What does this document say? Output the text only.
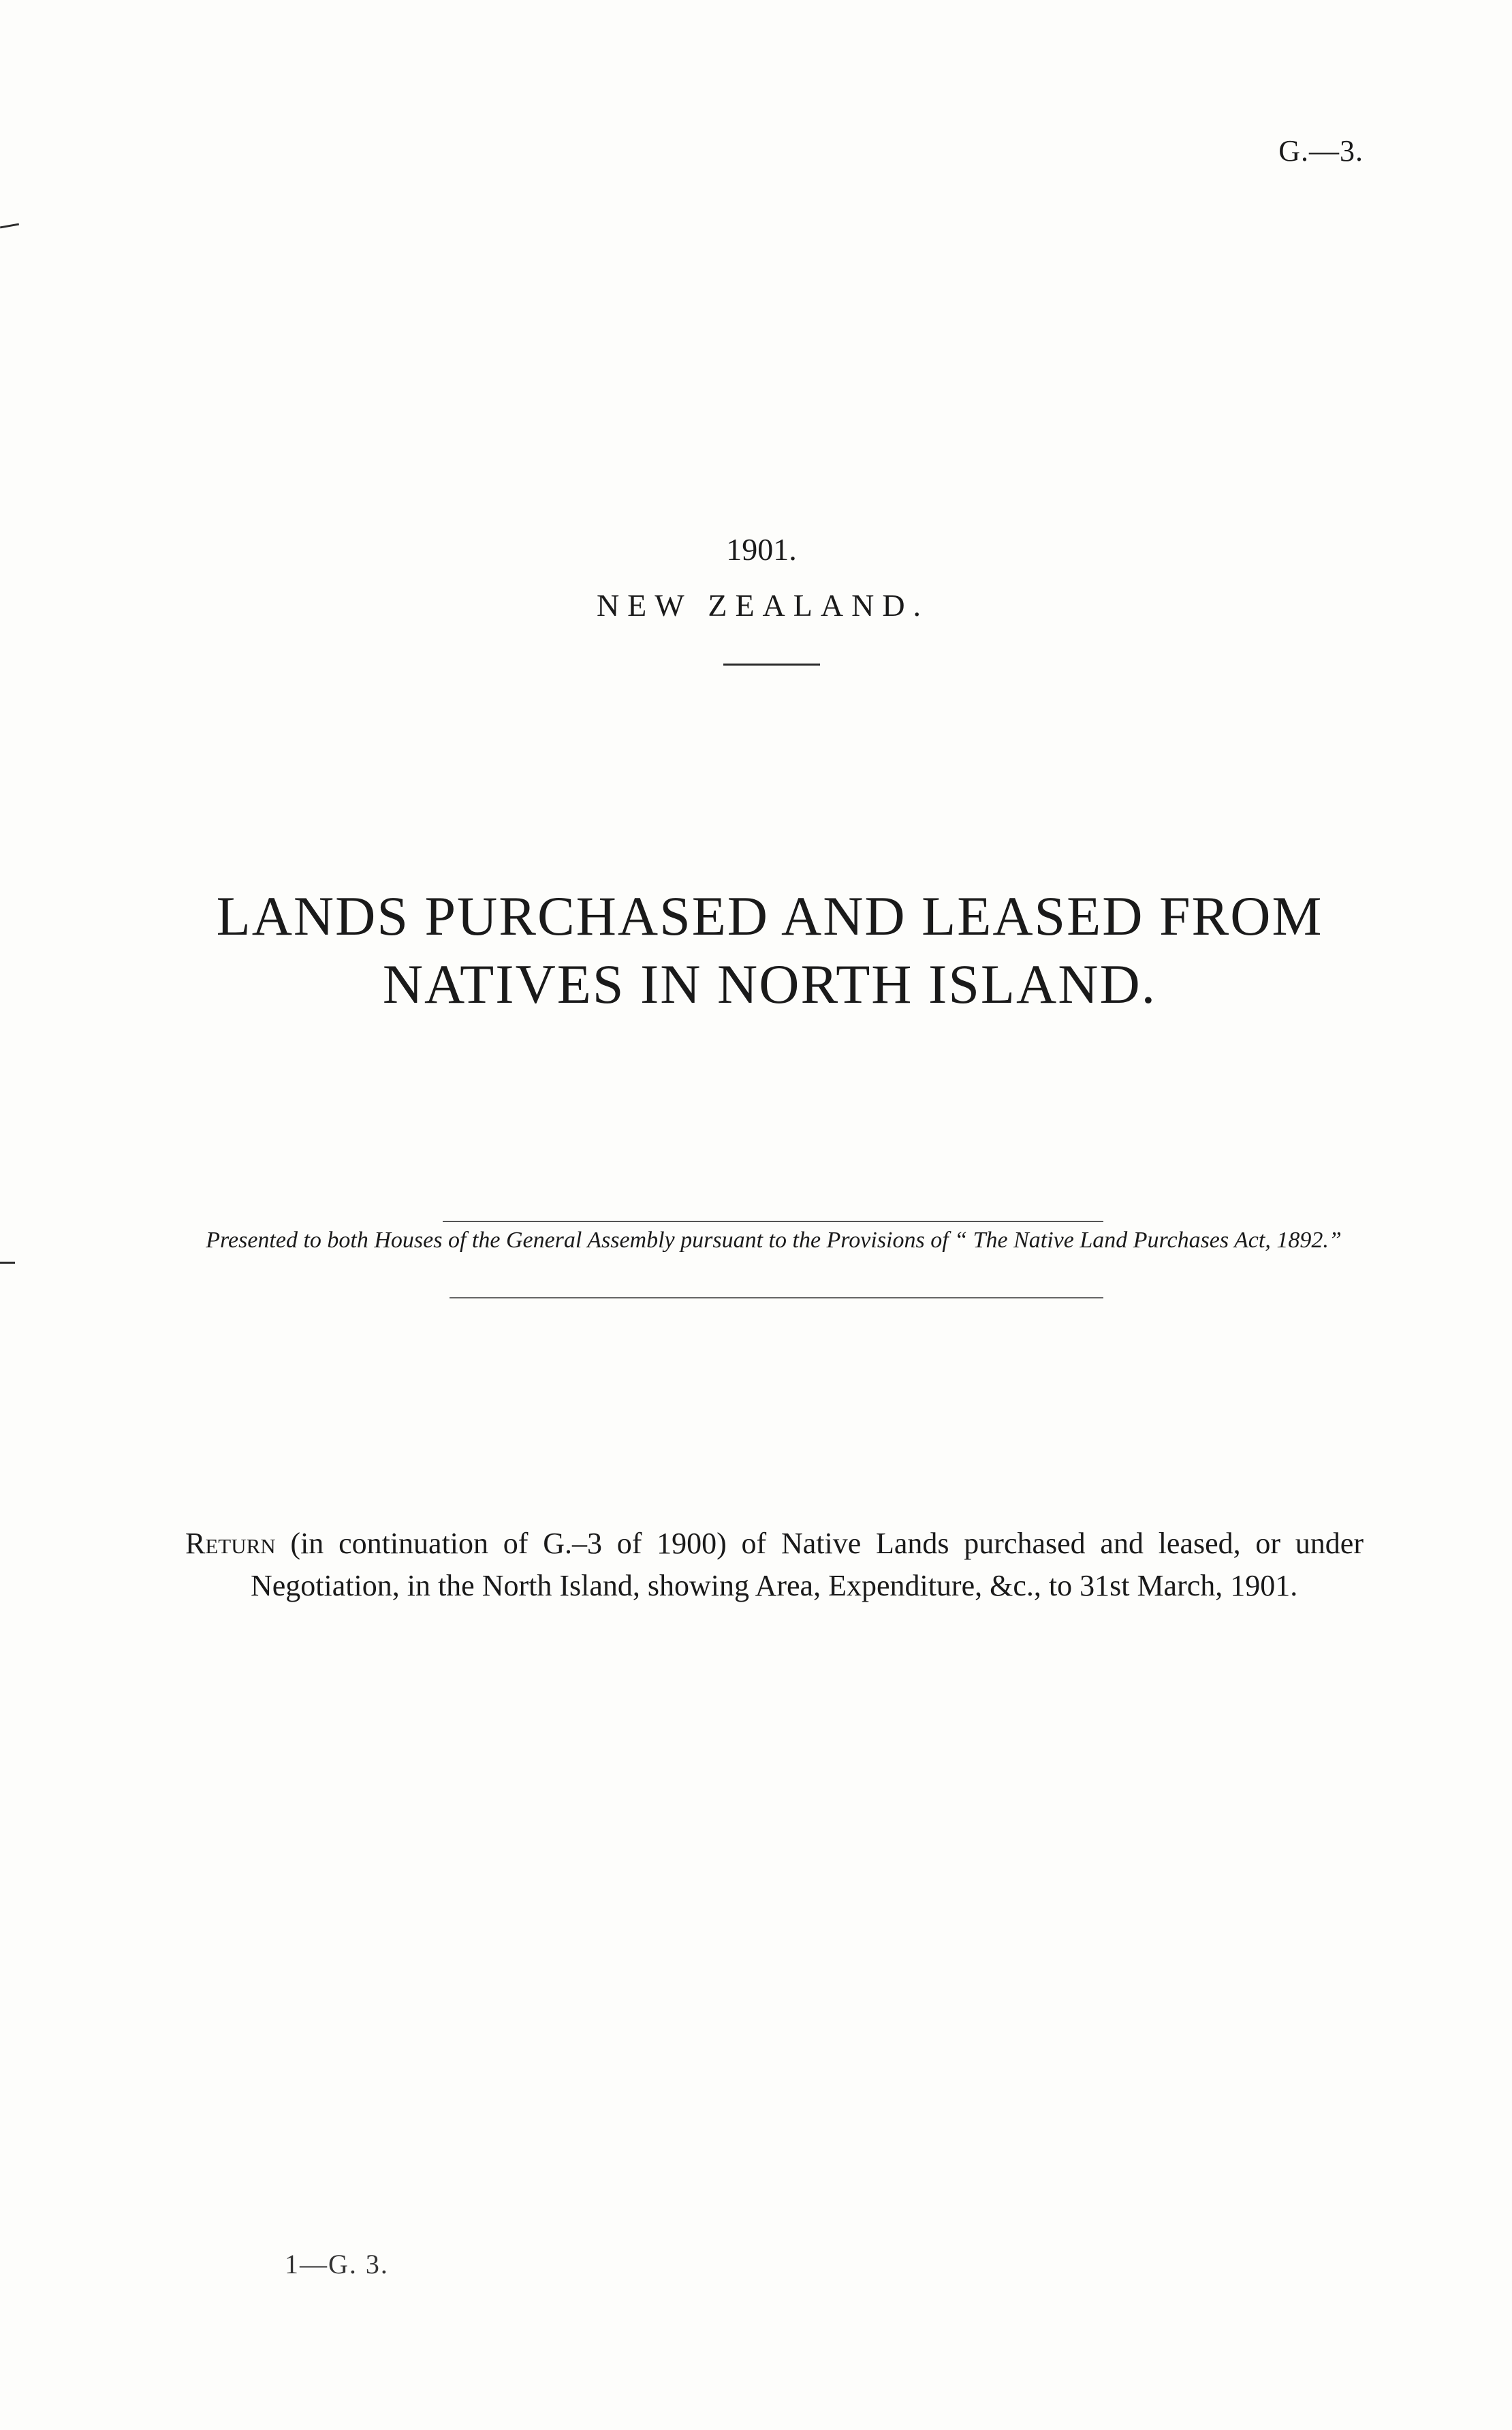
G.—3.
1901.
NEW ZEALAND.
LANDS PURCHASED AND LEASED FROM NATIVES IN NORTH ISLAND.
Presented to both Houses of the General Assembly pursuant to the Provisions of “ The Native Land Purchases Act, 1892.”
Return (in continuation of G.–3 of 1900) of Native Lands purchased and leased, or under Negotiation, in the North Island, showing Area, Expenditure, &c., to 31st March, 1901.
1—G. 3.
